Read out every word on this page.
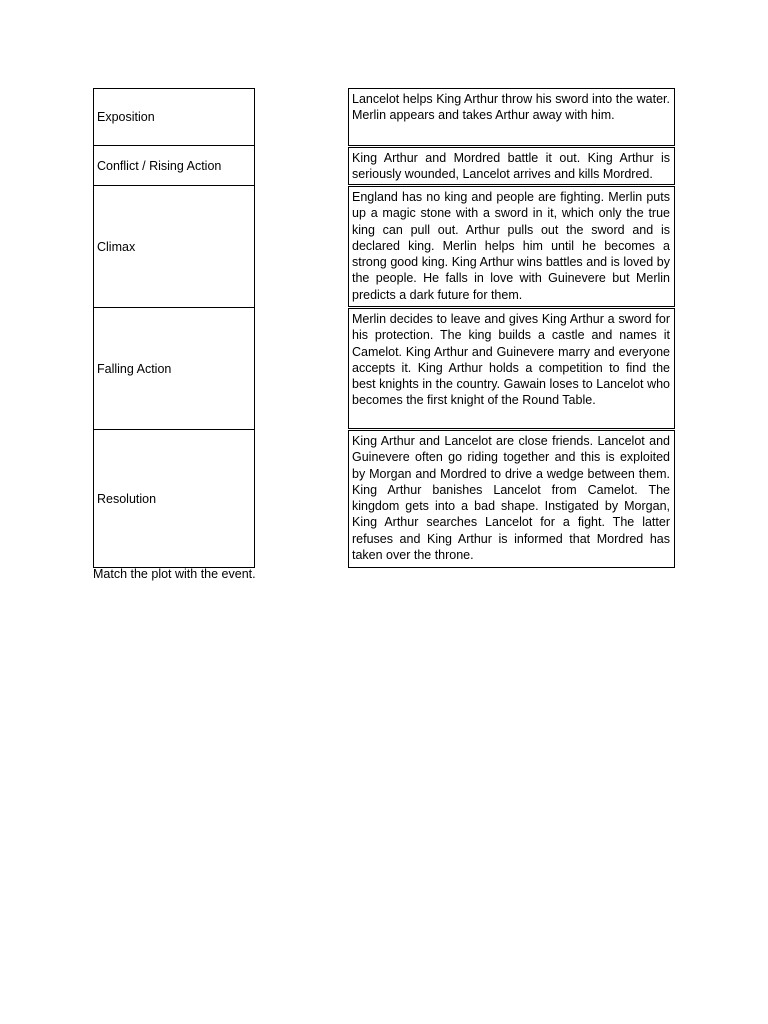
Exposition
Conflict / Rising Action
Climax
Falling Action
Resolution
Lancelot helps King Arthur throw his sword into the water. Merlin appears and takes Arthur away with him.
King Arthur and Mordred battle it out. King Arthur is seriously wounded, Lancelot arrives and kills Mordred.
England has no king and people are fighting. Merlin puts up a magic stone with a sword in it, which only the true king can pull out. Arthur pulls out the sword and is declared king. Merlin helps him until he becomes a strong good king. King Arthur wins battles and is loved by the people. He falls in love with Guinevere but Merlin predicts a dark future for them.
Merlin decides to leave and gives King Arthur a sword for his protection. The king builds a castle and names it Camelot. King Arthur and Guinevere marry and everyone accepts it. King Arthur holds a competition to find the best knights in the country. Gawain loses to Lancelot who becomes the first knight of the Round Table.
King Arthur and Lancelot are close friends. Lancelot and Guinevere often go riding together and this is exploited by Morgan and Mordred to drive a wedge between them. King Arthur banishes Lancelot from Camelot. The kingdom gets into a bad shape. Instigated by Morgan, King Arthur searches Lancelot for a fight. The latter refuses and King Arthur is informed that Mordred has taken over the throne.
Match the plot with the event.
